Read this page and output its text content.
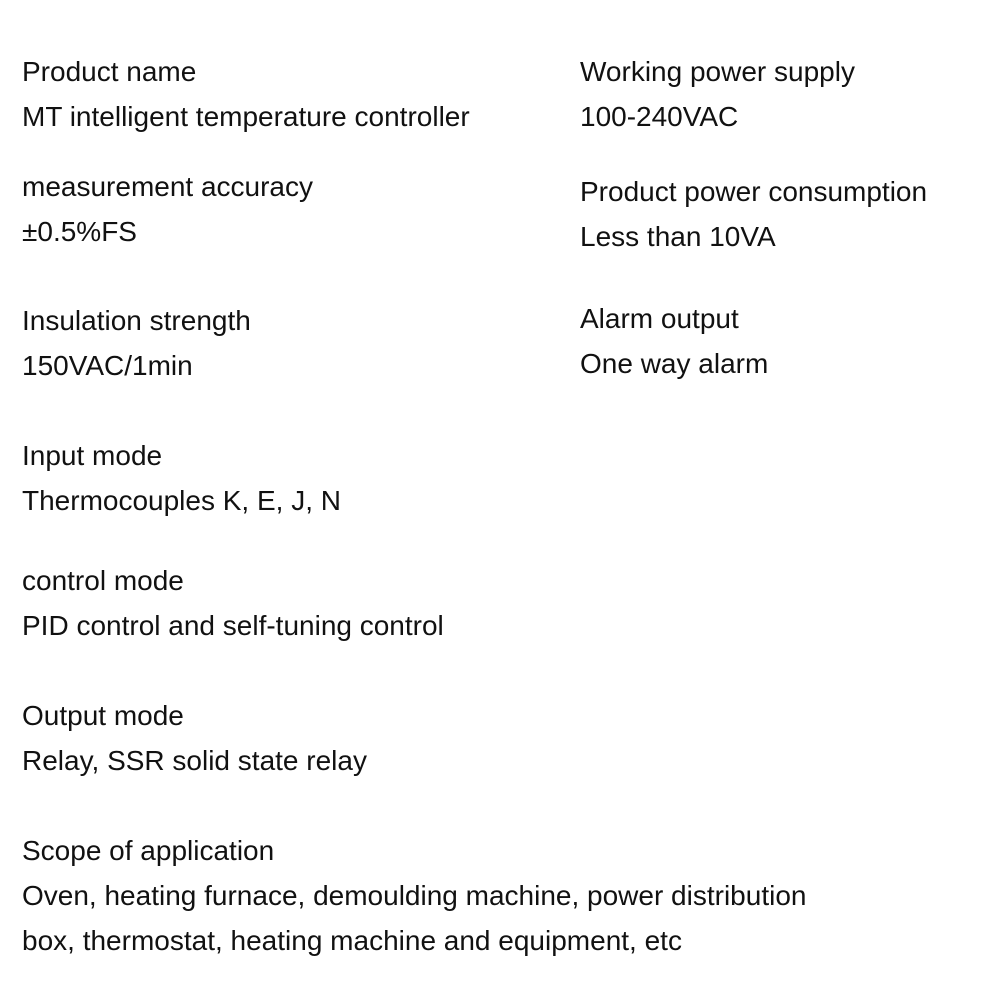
Product name
MT intelligent temperature controller
measurement accuracy
±0.5%FS
Insulation strength
150VAC/1min
Input mode
Thermocouples K, E, J, N
control mode
PID control and self-tuning control
Output mode
Relay, SSR solid state relay
Scope of application
Oven, heating furnace, demoulding machine, power distribution
box, thermostat, heating machine and equipment, etc
Working power supply
100-240VAC
Product power consumption
Less than 10VA
Alarm output
One way alarm
